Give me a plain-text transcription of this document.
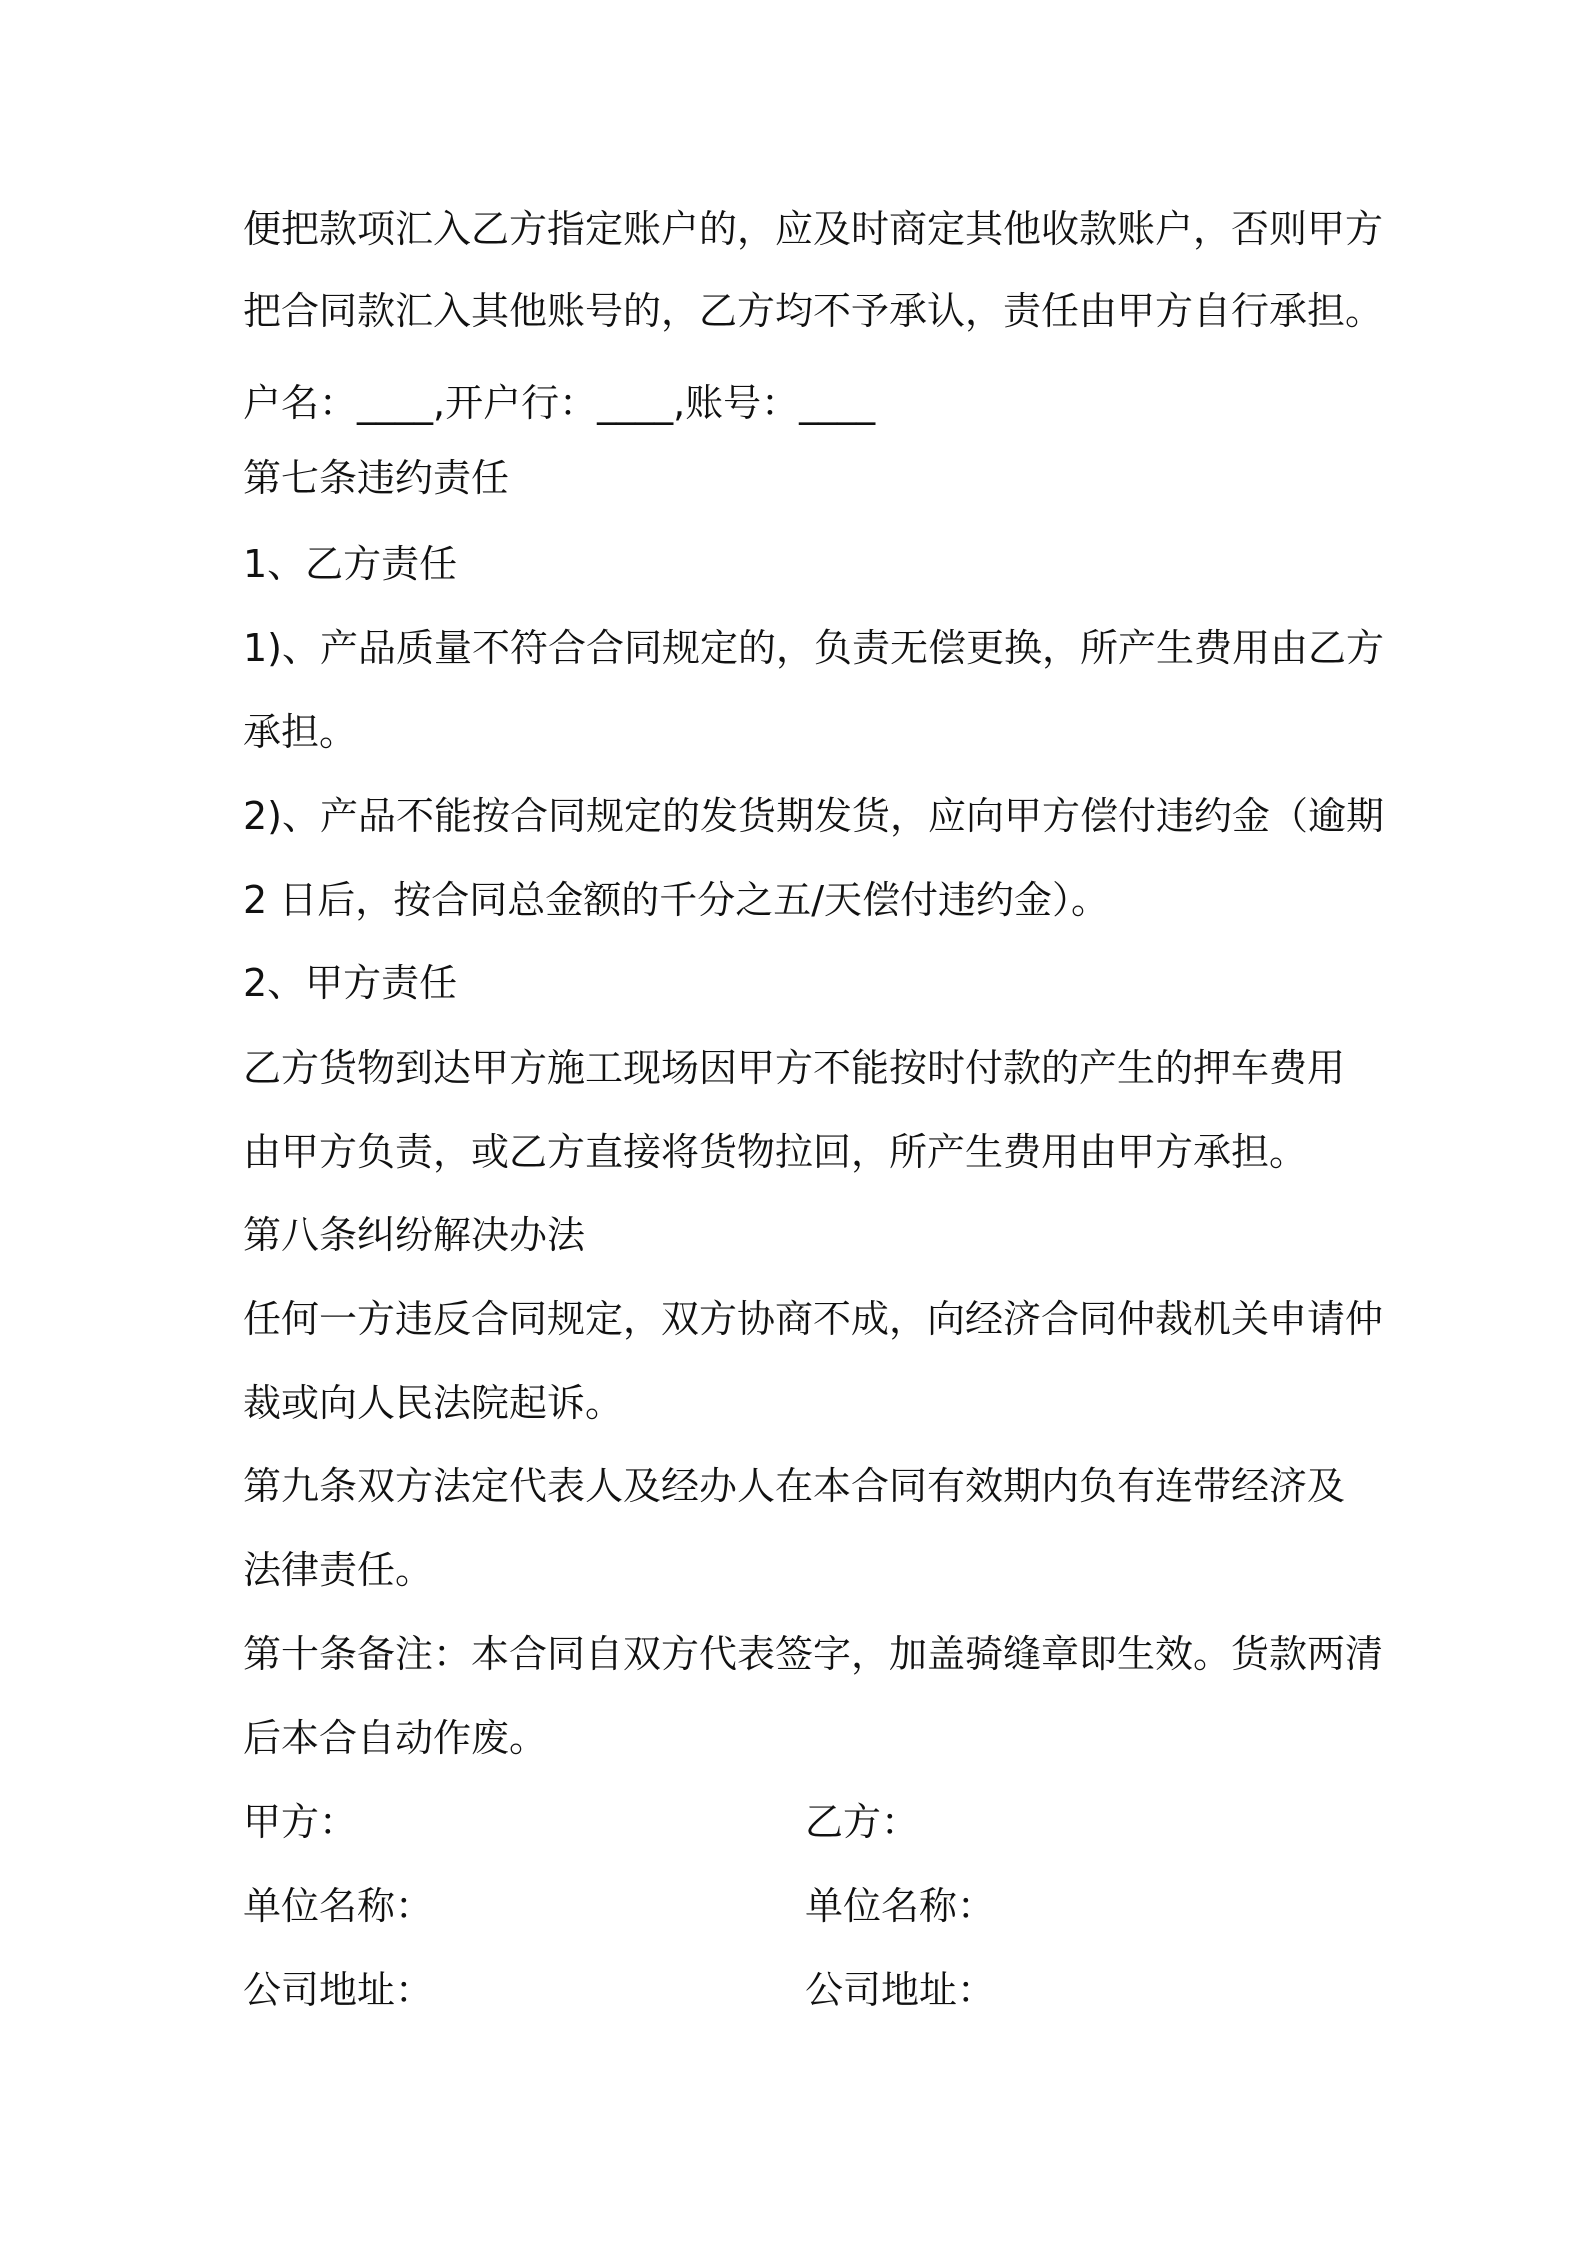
便把款项汇入乙方指定账户的，应及时商定其他收款账户，否则甲方
把合同款汇入其他账号的，乙方均不予承认，责任由甲方自行承担。
户名：____,开户行：____,账号：____
第七条违约责任
1、乙方责任
1)、产品质量不符合合同规定的，负责无偿更换，所产生费用由乙方
承担。
2)、产品不能按合同规定的发货期发货，应向甲方偿付违约金（逾期
2 日后，按合同总金额的千分之五/天偿付违约金）。
2、甲方责任
乙方货物到达甲方施工现场因甲方不能按时付款的产生的押车费用
由甲方负责，或乙方直接将货物拉回，所产生费用由甲方承担。
第八条纠纷解决办法
任何一方违反合同规定，双方协商不成，向经济合同仲裁机关申请仲
裁或向人民法院起诉。
第九条双方法定代表人及经办人在本合同有效期内负有连带经济及
法律责任。
第十条备注：本合同自双方代表签字，加盖骑缝章即生效。货款两清
后本合自动作废。
甲方：	乙方：
单位名称：	单位名称：
公司地址：	公司地址：
